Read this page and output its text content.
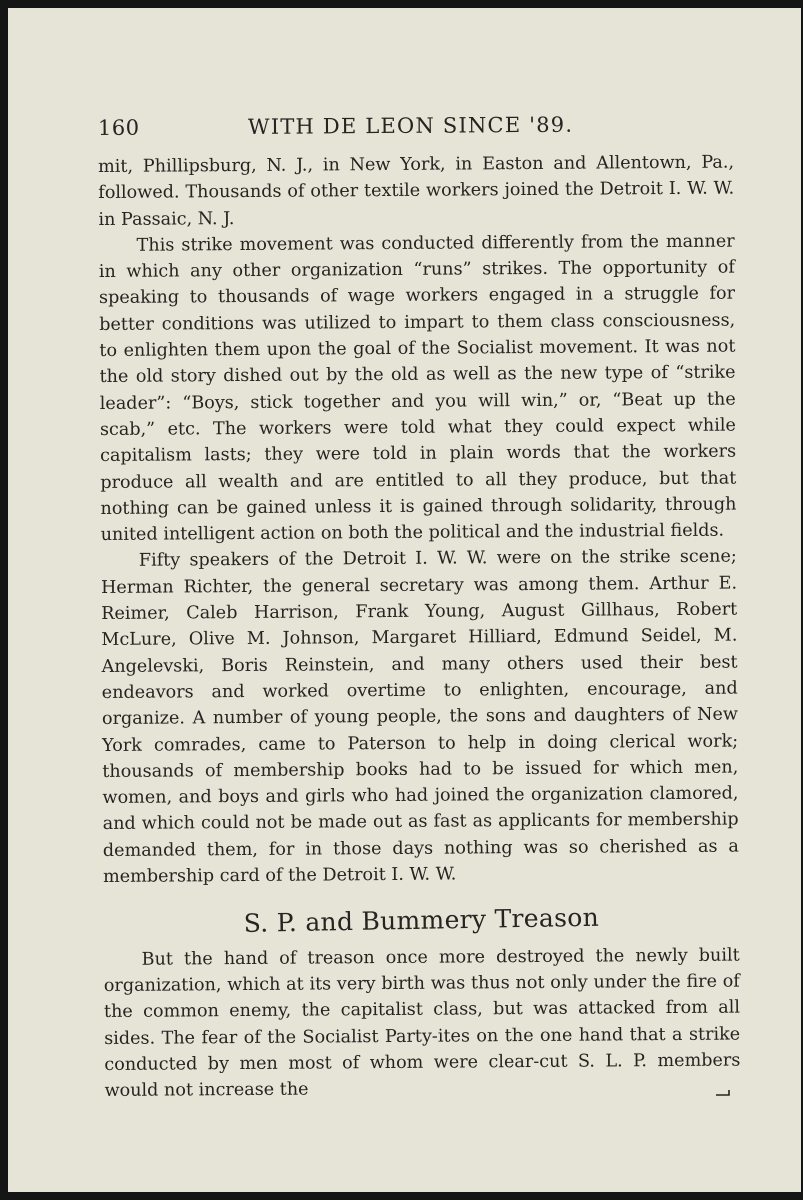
160	WITH DE LEON SINCE '89.

mit, Phillipsburg, N. J., in New York, in Easton and Allentown, Pa., followed. Thousands of other textile workers joined the Detroit I. W. W. in Passaic, N. J.

This strike movement was conducted differently from the manner in which any other organization “runs” strikes. The opportunity of speaking to thousands of wage workers engaged in a struggle for better conditions was utilized to impart to them class consciousness, to enlighten them upon the goal of the Socialist movement. It was not the old story dished out by the old as well as the new type of “strike leader”: “Boys, stick together and you will win,” or, “Beat up the scab,” etc. The workers were told what they could expect while capitalism lasts; they were told in plain words that the workers produce all wealth and are entitled to all they produce, but that nothing can be gained unless it is gained through solidarity, through united intelligent action on both the political and the industrial fields.

Fifty speakers of the Detroit I. W. W. were on the strike scene; Herman Richter, the general secretary was among them. Arthur E. Reimer, Caleb Harrison, Frank Young, August Gillhaus, Robert McLure, Olive M. Johnson, Margaret Hilliard, Edmund Seidel, M. Angelevski, Boris Reinstein, and many others used their best endeavors and worked overtime to enlighten, encourage, and organize. A number of young people, the sons and daughters of New York comrades, came to Paterson to help in doing clerical work; thousands of membership books had to be issued for which men, women, and boys and girls who had joined the organization clamored, and which could not be made out as fast as applicants for membership demanded them, for in those days nothing was so cherished as a membership card of the Detroit I. W. W.

S. P. and Bummery Treason

But the hand of treason once more destroyed the newly built organization, which at its very birth was thus not only under the fire of the common enemy, the capitalist class, but was attacked from all sides. The fear of the Socialist Party-ites on the one hand that a strike conducted by men most of whom were clear-cut S. L. P. members would not increase the
